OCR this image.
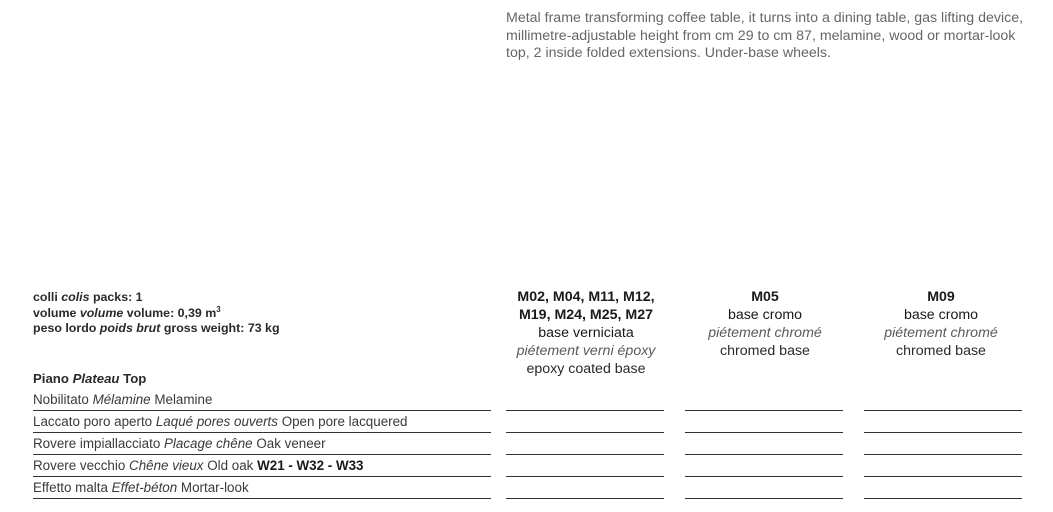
Metal frame transforming coffee table, it turns into a dining table, gas lifting device, millimetre-adjustable height from cm 29 to cm 87, melamine, wood or mortar-look top, 2 inside folded extensions. Under-base wheels.
colli colis packs: 1
volume volume volume: 0,39 $m^3$
peso lordo poids brut gross weight: 73 kg
Piano Plateau Top
Nobilitato Mélamine Melamine
Laccato poro aperto Laqué pores ouverts Open pore lacquered
Rovere impiallacciato Placage chêne Oak veneer
Rovere vecchio Chêne vieux Old oak W21 - W32 - W33
Effetto malta Effet-béton Mortar-look
M02, M04, M11, M12,
M19, M24, M25, M27
base verniciata
piétement verni époxy
epoxy coated base
M05
base cromo
piétement chromé
chromed base
M09
base cromo
piétement chromé
chromed base
